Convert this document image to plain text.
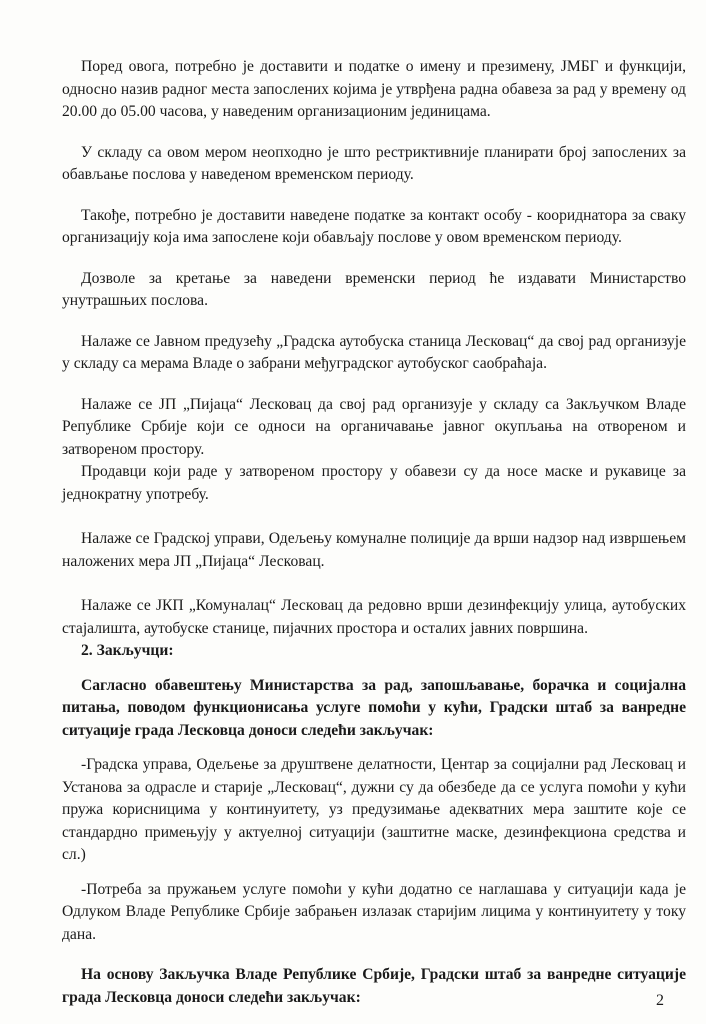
Поред овога, потребно је доставити и податке о имену и презимену, ЈМБГ и функцији, односно назив радног места запослених којима је утврђена радна обавеза за рад у времену од 20.00 до 05.00 часова, у наведеним организационим јединицама.

У складу са овом мером неопходно је што рестриктивније планирати број запослених за обављање послова у наведеном временском периоду.

Такође, потребно је доставити наведене податке за контакт особу - коориднатора за сваку организацију која има запослене који обављају послове у овом временском периоду.

Дозволе за кретање за наведени временски период ће издавати Министарство унутрашњих послова.

Налаже се Јавном предузећу „Градска аутобуска станица Лесковац“ да свој рад организује у складу са мерама Владе о забрани међуградског аутобуског саобраћаја.

Налаже се ЈП „Пијаца“ Лесковац да свој рад организује у складу са Закључком Владе Републике Србије који се односи на органичавање јавног окупљања на отвореном и затвореном простору.

Продавци који раде у затвореном простору у обавези су да носе маске и рукавице за једнократну употребу.

Налаже се Градској управи, Одељењу комуналне полиције да врши надзор над извршењем наложених мера ЈП „Пијаца“ Лесковац.

Налаже се ЈКП „Комуналац“ Лесковац да редовно врши дезинфекцију улица, аутобуских стајалишта, аутобуске станице, пијачних простора и осталих јавних површина.

2. Закључци:

Сагласно обавештењу Министарства за рад, запошљавање, борачка и социјална питања, поводом функционисања услуге помоћи у кући, Градски штаб за ванредне ситуације града Лесковца доноси следећи закључак:

-Градска управа, Одељење за друштвене делатности, Центар за социјални рад Лесковац и Установа за одрасле и старије „Лесковац“, дужни су да обезбеде да се услуга помоћи у кући пружа корисницима у континуитету, уз предузимање адекватних мера заштите које се стандардно примењују у актуелној ситуацији (заштитне маске, дезинфекциона средства и сл.)

-Потреба за пружањем услуге помоћи у кући додатно се наглашава у ситуацији када је Одлуком Владе Републике Србије забрањен излазак старијим лицима у континуитету у току дана.

На основу Закључка Владе Републике Србије, Градски штаб за ванредне ситуације града Лесковца доноси следећи закључак:	2
